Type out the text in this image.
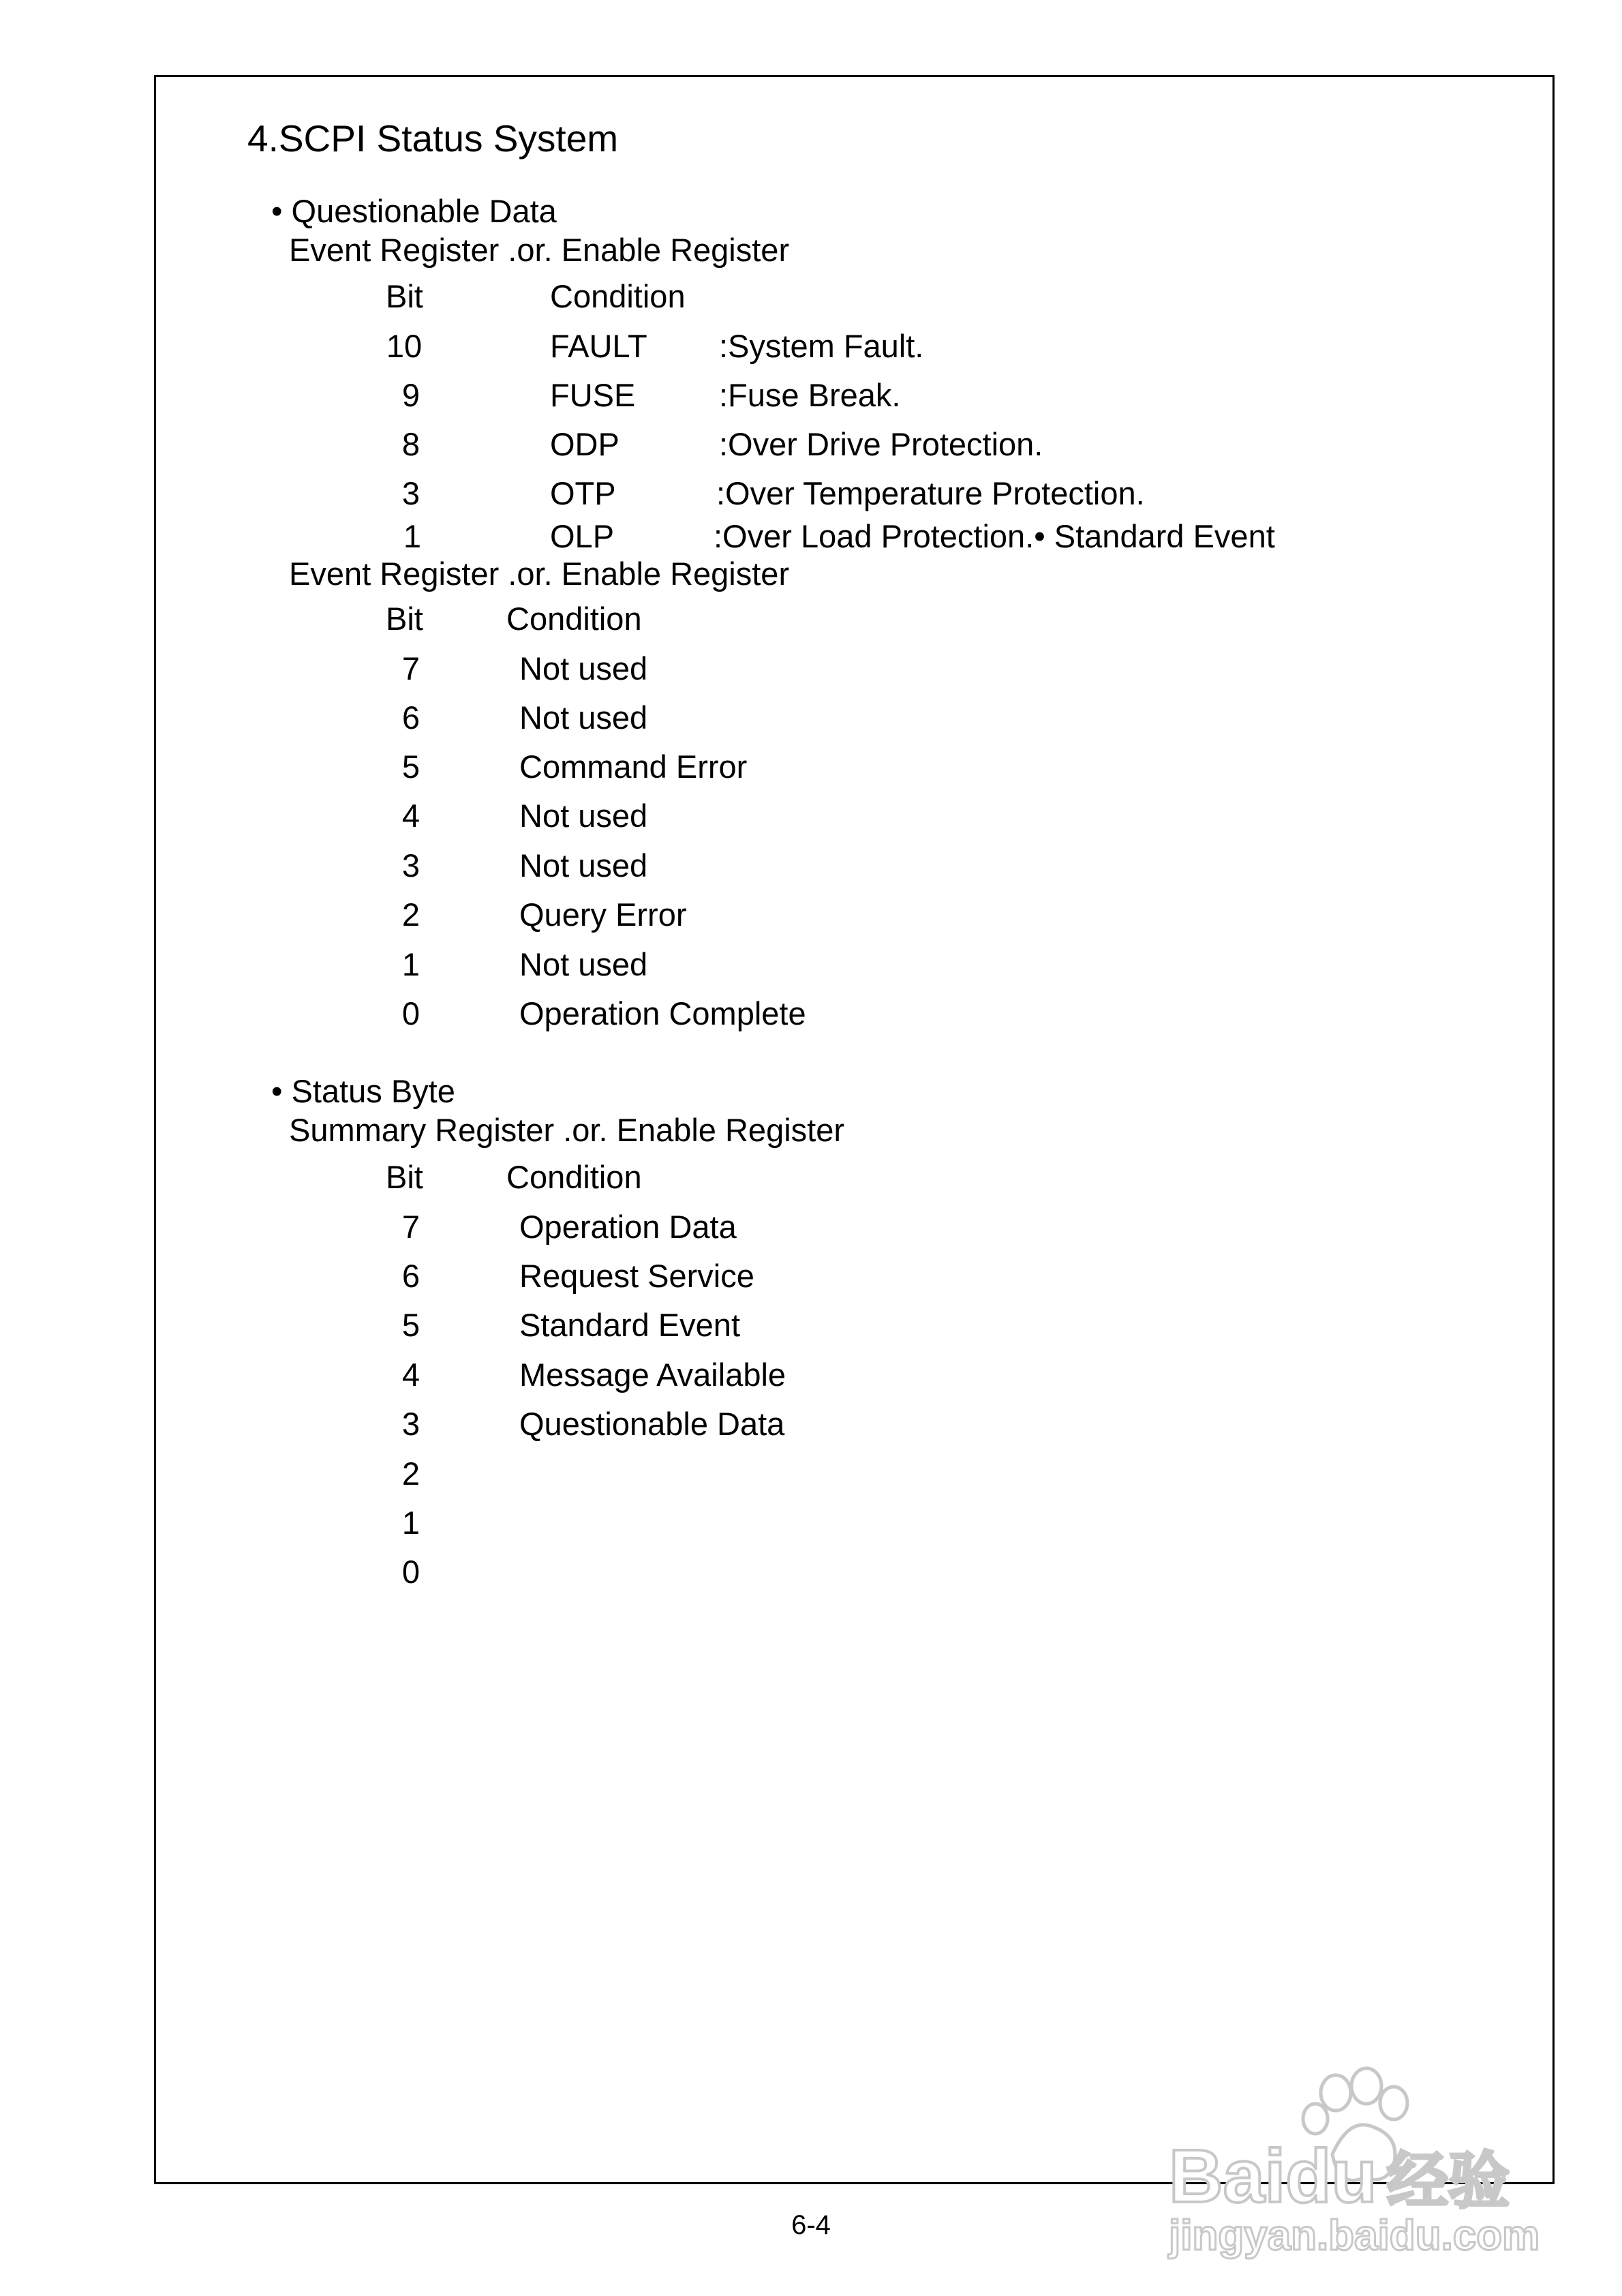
4.SCPI Status System
• Questionable Data
Event Register .or. Enable Register
Bit	Condition
10	FAULT :System Fault.
9	FUSE	:Fuse Break.
8	ODP	:Over Drive Protection.
3	OTP	:Over Temperature Protection.
1	OLP	:Over Load Protection.• Standard Event
Event Register .or. Enable Register
Bit	Condition
7	Not used
6	Not used
5	Command Error
4	Not used
3	Not used
2	Query Error
1	Not used
0	Operation Complete
• Status Byte
Summary Register .or. Enable Register
Bit	Condition
7	Operation Data
6	Request Service
5	Standard Event
4	Message Available
3	Questionable Data
2
1
0
6-4
Baidu 经验
jingyan.baidu.com
